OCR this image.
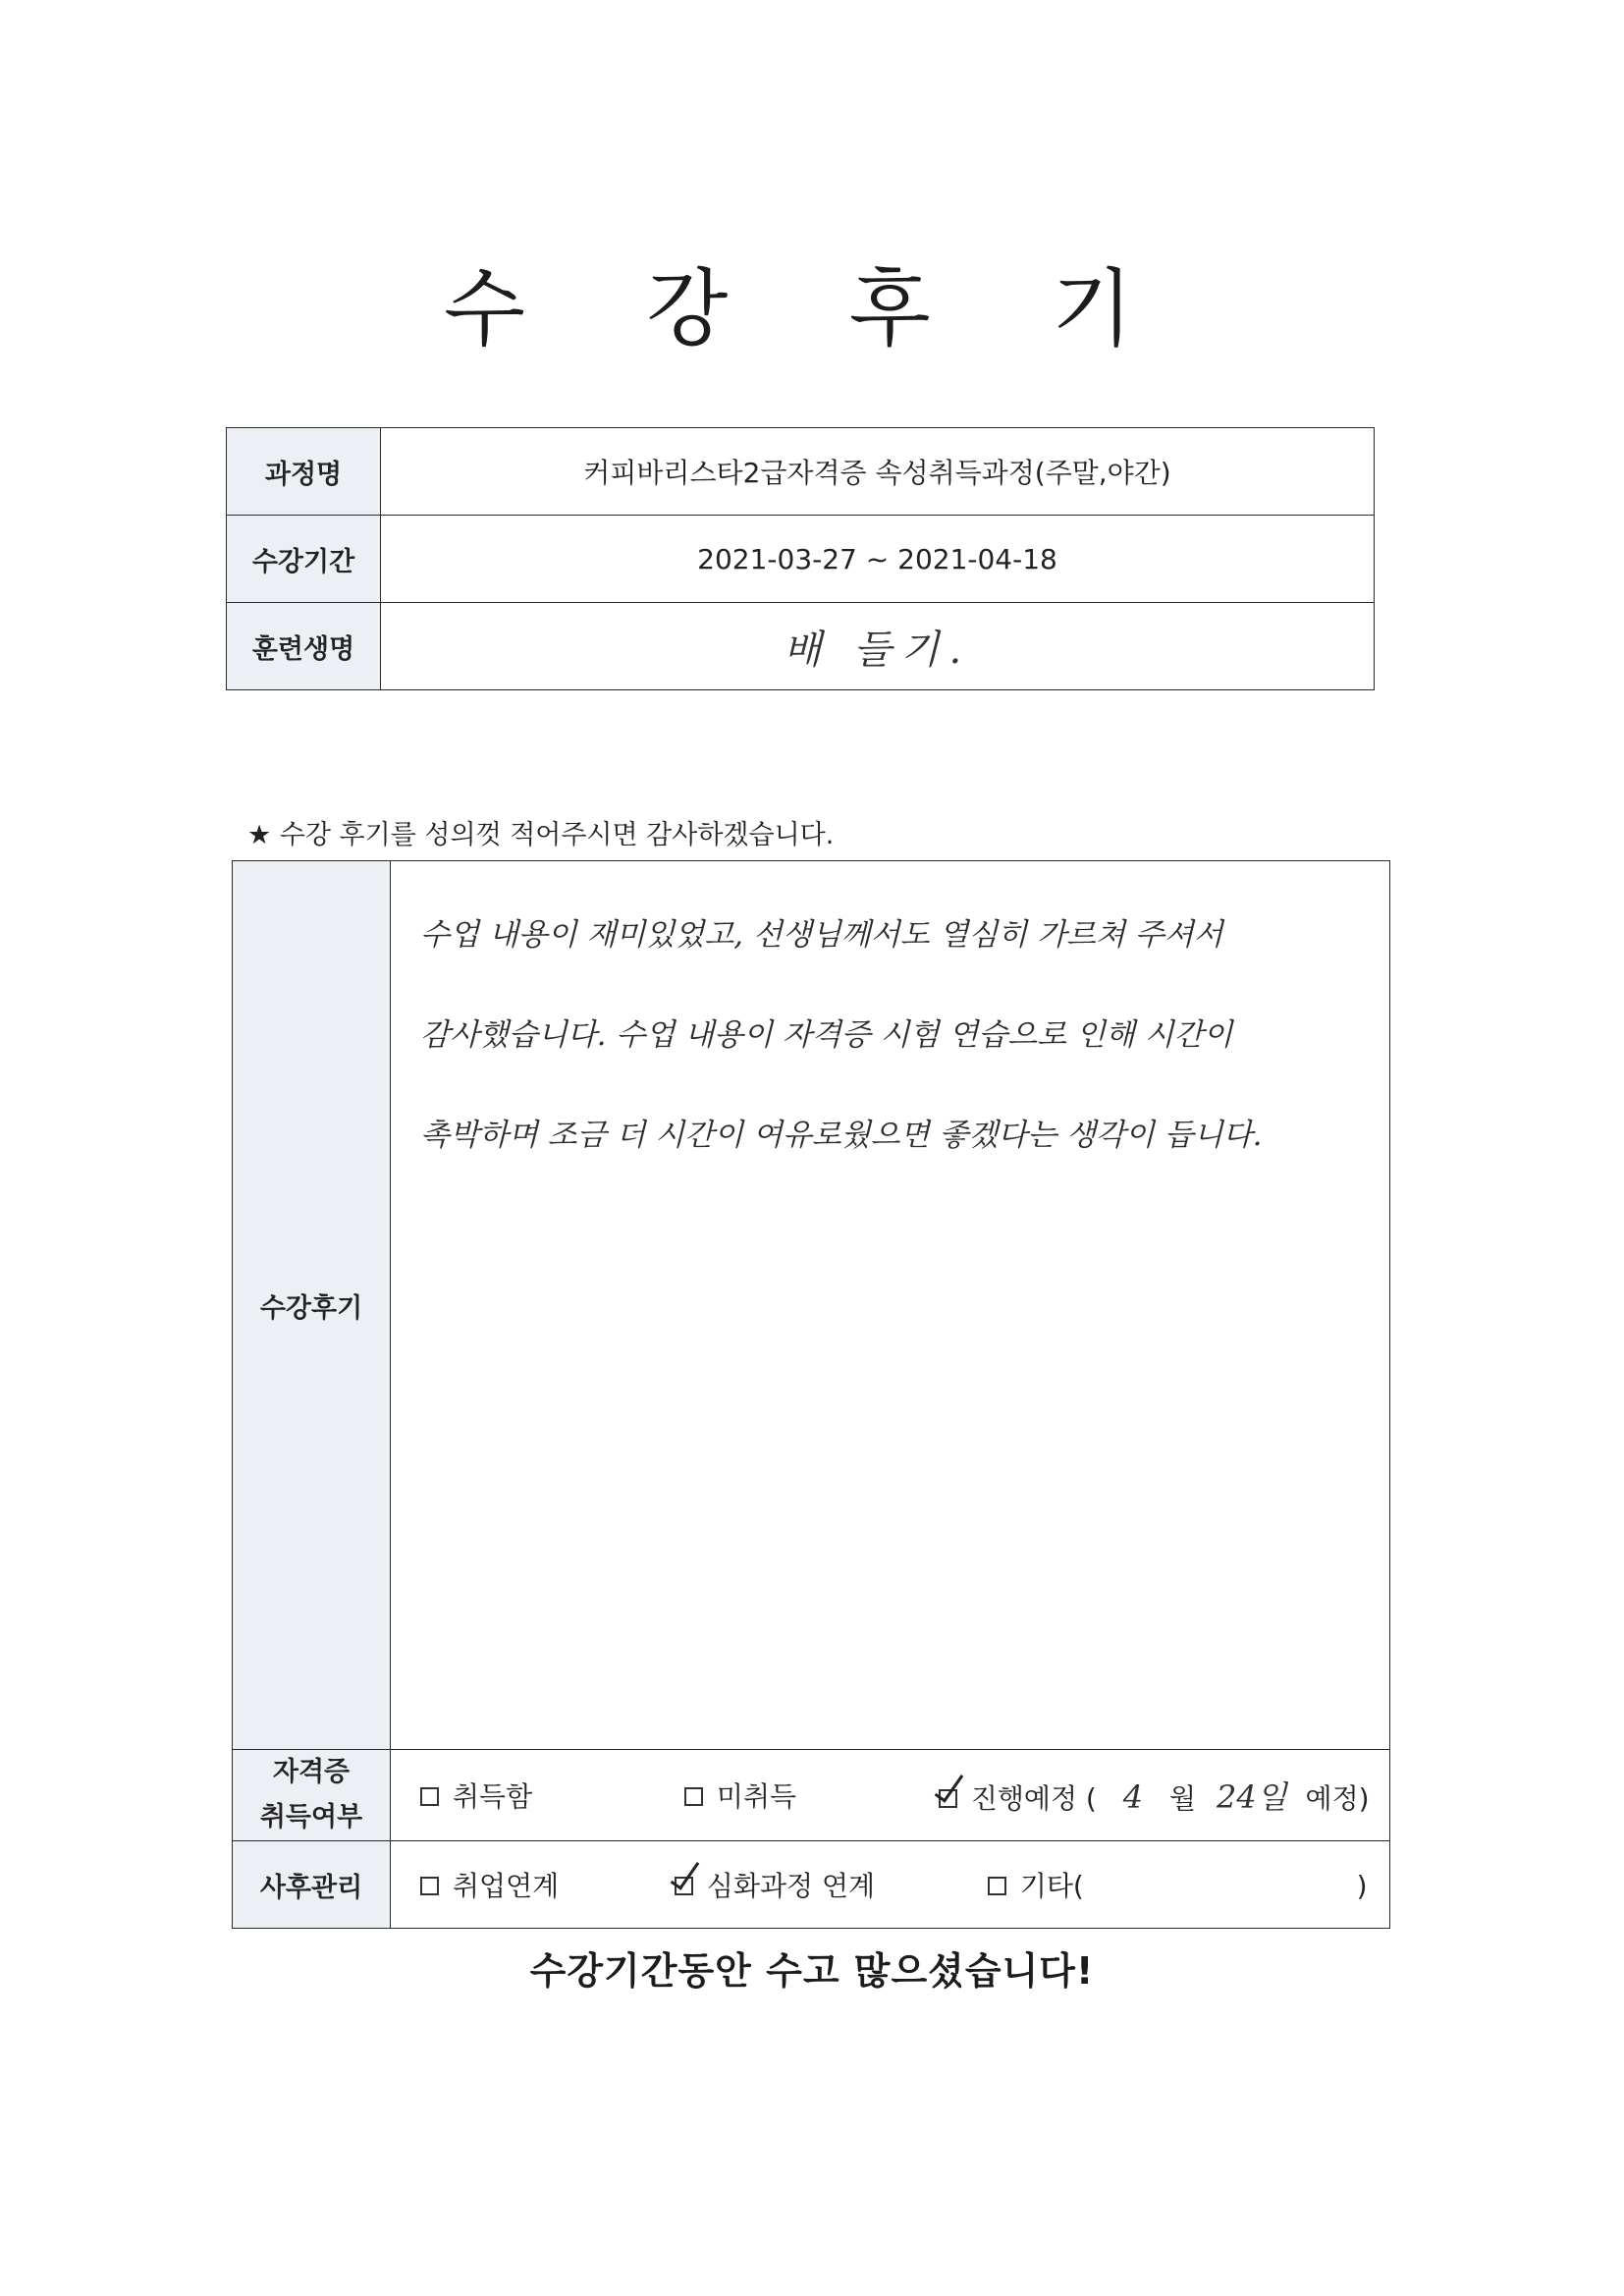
수 강 후 기
과정명	커피바리스타2급자격증 속성취득과정(주말,야간)
수강기간	2021-03-27 ~ 2021-04-18
훈련생명	배 들기.
★ 수강 후기를 성의껏 적어주시면 감사하겠습니다.
수강후기	수업 내용이 재미있었고, 선생님께서도 열심히 가르쳐 주셔서
감사했습니다. 수업 내용이 자격증 시험 연습으로 인해 시간이
촉박하며 조금 더 시간이 여유로웠으면 좋겠다는 생각이 듭니다.

자격증
취득여부	취득함 미취득 진행예정 ( 4 월 24일 예정)
사후관리	취업연계 심화과정 연계 기타( )
수강기간동안 수고 많으셨습니다!
